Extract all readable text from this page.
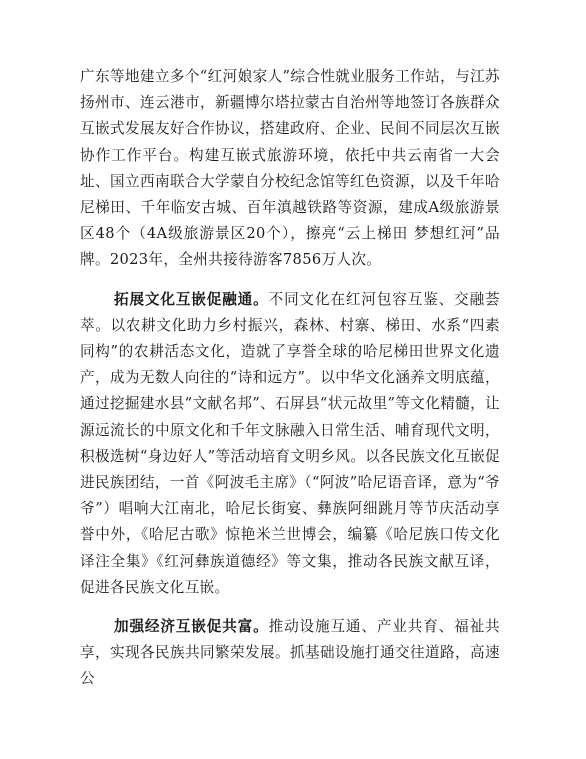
广东等地建立多个“红河娘家人”综合性就业服务工作站，与江苏扬州市、连云港市，新疆博尔塔拉蒙古自治州等地签订各族群众互嵌式发展友好合作协议，搭建政府、企业、民间不同层次互嵌协作工作平台。构建互嵌式旅游环境，依托中共云南省一大会址、国立西南联合大学蒙自分校纪念馆等红色资源，以及千年哈尼梯田、千年临安古城、百年滇越铁路等资源，建成A级旅游景区48个（4A级旅游景区20个），擦亮“云上梯田 梦想红河”品牌。2023年，全州共接待游客7856万人次。

拓展文化互嵌促融通。不同文化在红河包容互鉴、交融荟萃。以农耕文化助力乡村振兴，森林、村寨、梯田、水系“四素同构”的农耕活态文化，造就了享誉全球的哈尼梯田世界文化遗产，成为无数人向往的“诗和远方”。以中华文化涵养文明底蕴，通过挖掘建水县“文献名邦”、石屏县“状元故里”等文化精髓，让源远流长的中原文化和千年文脉融入日常生活、哺育现代文明，积极选树“身边好人”等活动培育文明乡风。以各民族文化互嵌促进民族团结，一首《阿波毛主席》（“阿波”哈尼语音译，意为“爷爷”）唱响大江南北，哈尼长街宴、彝族阿细跳月等节庆活动享誉中外，《哈尼古歌》惊艳米兰世博会，编纂《哈尼族口传文化译注全集》《红河彝族道德经》等文集，推动各民族文献互译，促进各民族文化互嵌。

加强经济互嵌促共富。推动设施互通、产业共育、福祉共享，实现各民族共同繁荣发展。抓基础设施打通交往道路，高速公
